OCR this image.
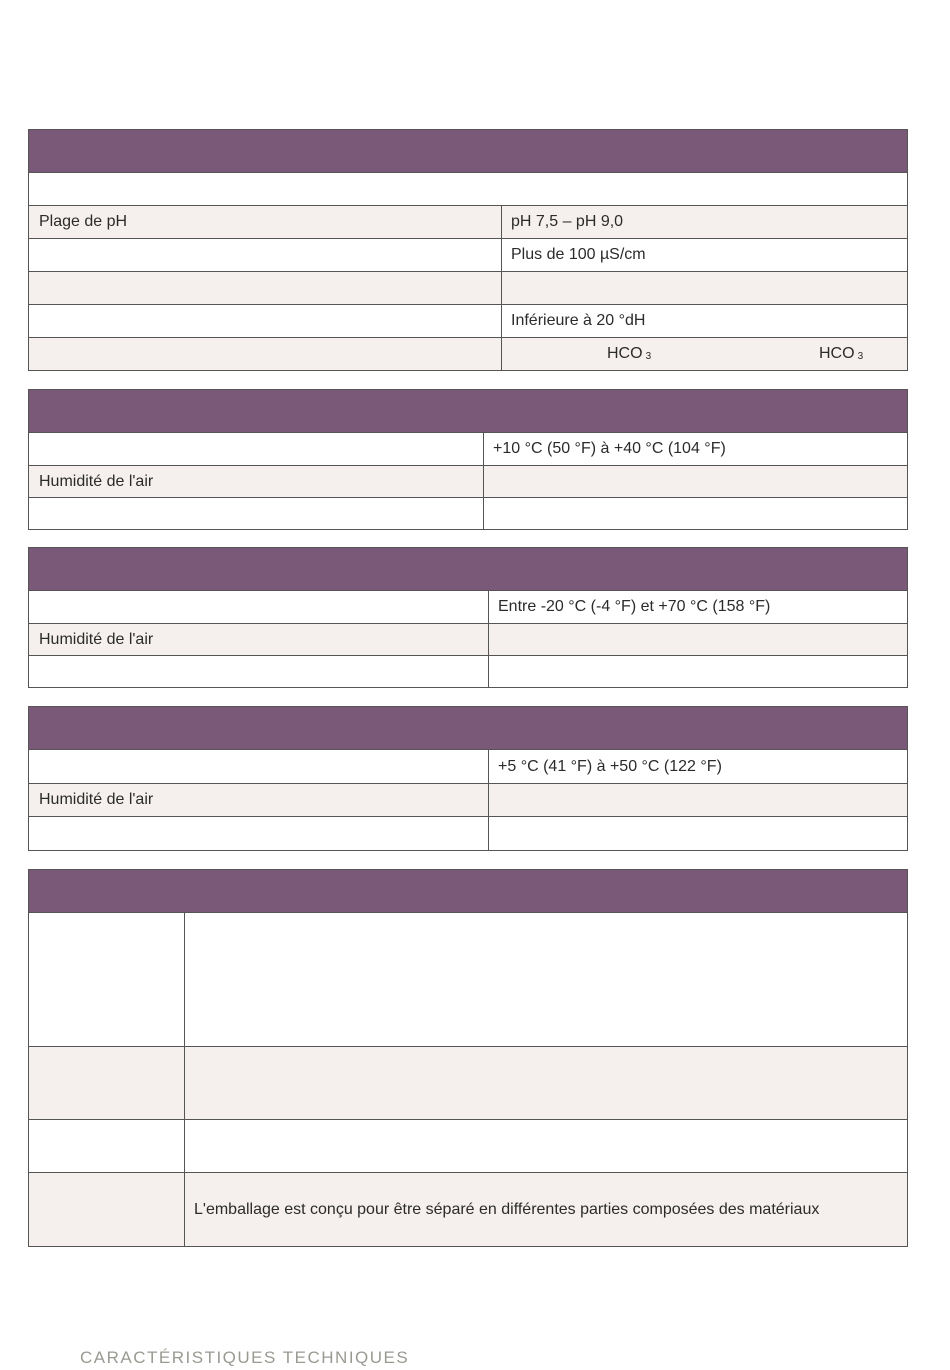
Plage de pH	pH 7,5 – pH 9,0
Plus de 100 µS/cm
Inférieure à 20 °dH
HCO 3	HCO 3
+10 °C (50 °F) à +40 °C (104 °F)
Humidité de l'air
Entre -20 °C (-4 °F) et +70 °C (158 °F)
Humidité de l'air
+5 °C (41 °F) à +50 °C (122 °F)
Humidité de l'air
L'emballage est conçu pour être séparé en différentes parties composées des matériaux
CARACTÉRISTIQUES TECHNIQUES
